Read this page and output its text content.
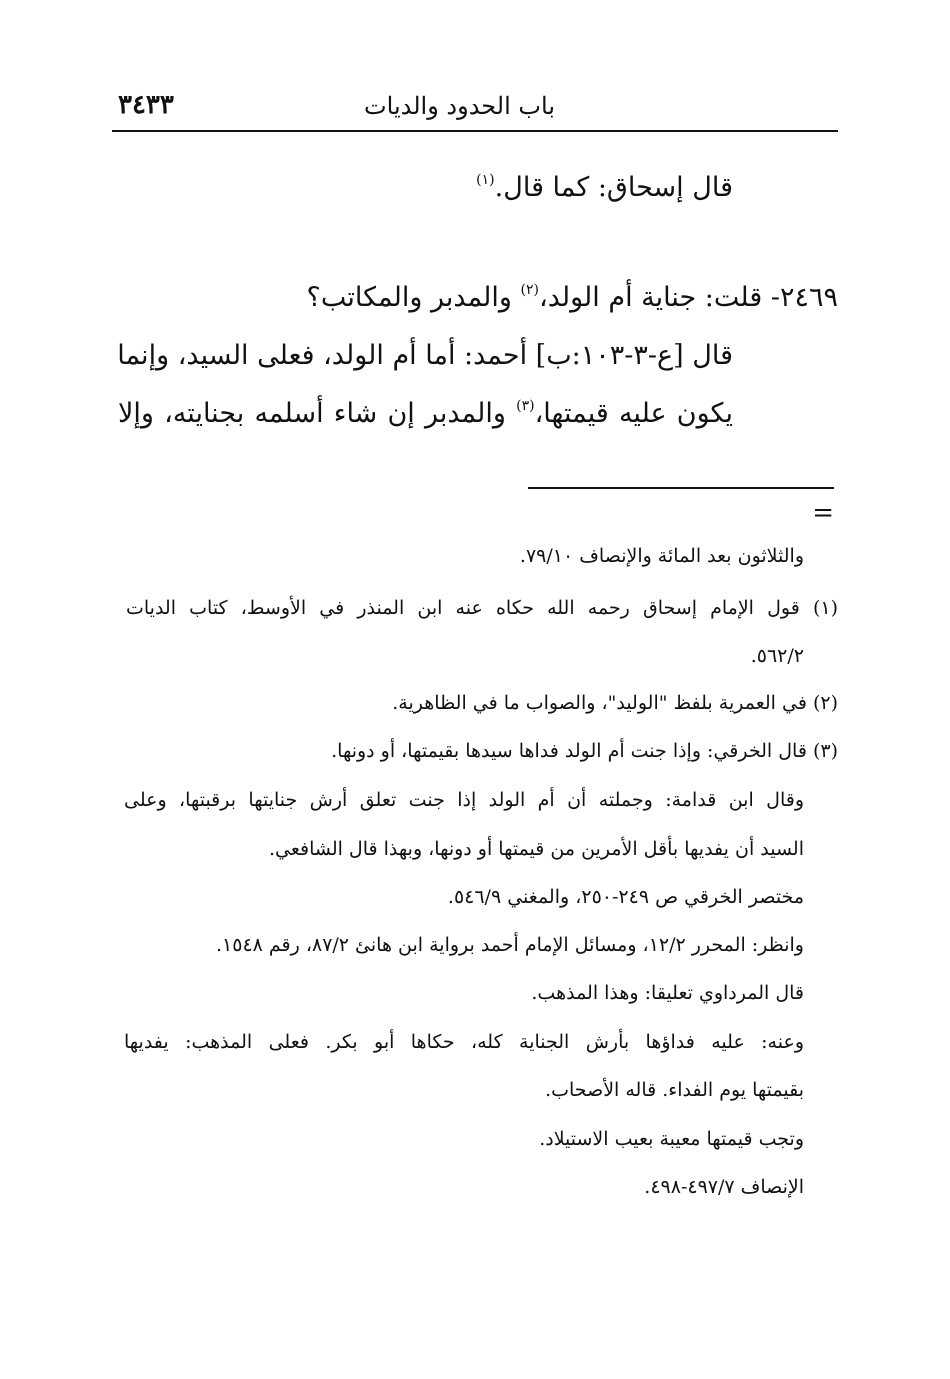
باب الحدود والديات
٣٤٣٣
قال إسحاق: كما قال.$^{(١)}$
٢٤٦٩- قلت: جناية أم الولد،$^{(٢)}$ والمدبر والمكاتب؟
قال [ع-٣-١٠٣:ب] أحمد: أما أم الولد، فعلى السيد، وإنما
يكون عليه قيمتها،$^{(٣)}$ والمدبر إن شاء أسلمه بجنايته، وإلا
=
والثلاثون بعد المائة والإنصاف ٧٩/١٠.
(١) قول الإمام إسحاق رحمه الله حكاه عنه ابن المنذر في الأوسط، كتاب الديات
٥٦٢/٢.
(٢) في العمرية بلفظ "الوليد"، والصواب ما في الظاهرية.
(٣) قال الخرقي: وإذا جنت أم الولد فداها سيدها بقيمتها، أو دونها.
وقال ابن قدامة: وجملته أن أم الولد إذا جنت تعلق أرش جنايتها برقبتها، وعلى
السيد أن يفديها بأقل الأمرين من قيمتها أو دونها، وبهذا قال الشافعي.
مختصر الخرقي ص ٢٤٩-٢٥٠، والمغني ٥٤٦/٩.
وانظر: المحرر ١٢/٢، ومسائل الإمام أحمد برواية ابن هانئ ٨٧/٢، رقم ١٥٤٨.
قال المرداوي تعليقا: وهذا المذهب.
وعنه: عليه فداؤها بأرش الجناية كله، حكاها أبو بكر. فعلى المذهب: يفديها
بقيمتها يوم الفداء. قاله الأصحاب.
وتجب قيمتها معيبة بعيب الاستيلاد.
الإنصاف ٤٩٧/٧-٤٩٨.
